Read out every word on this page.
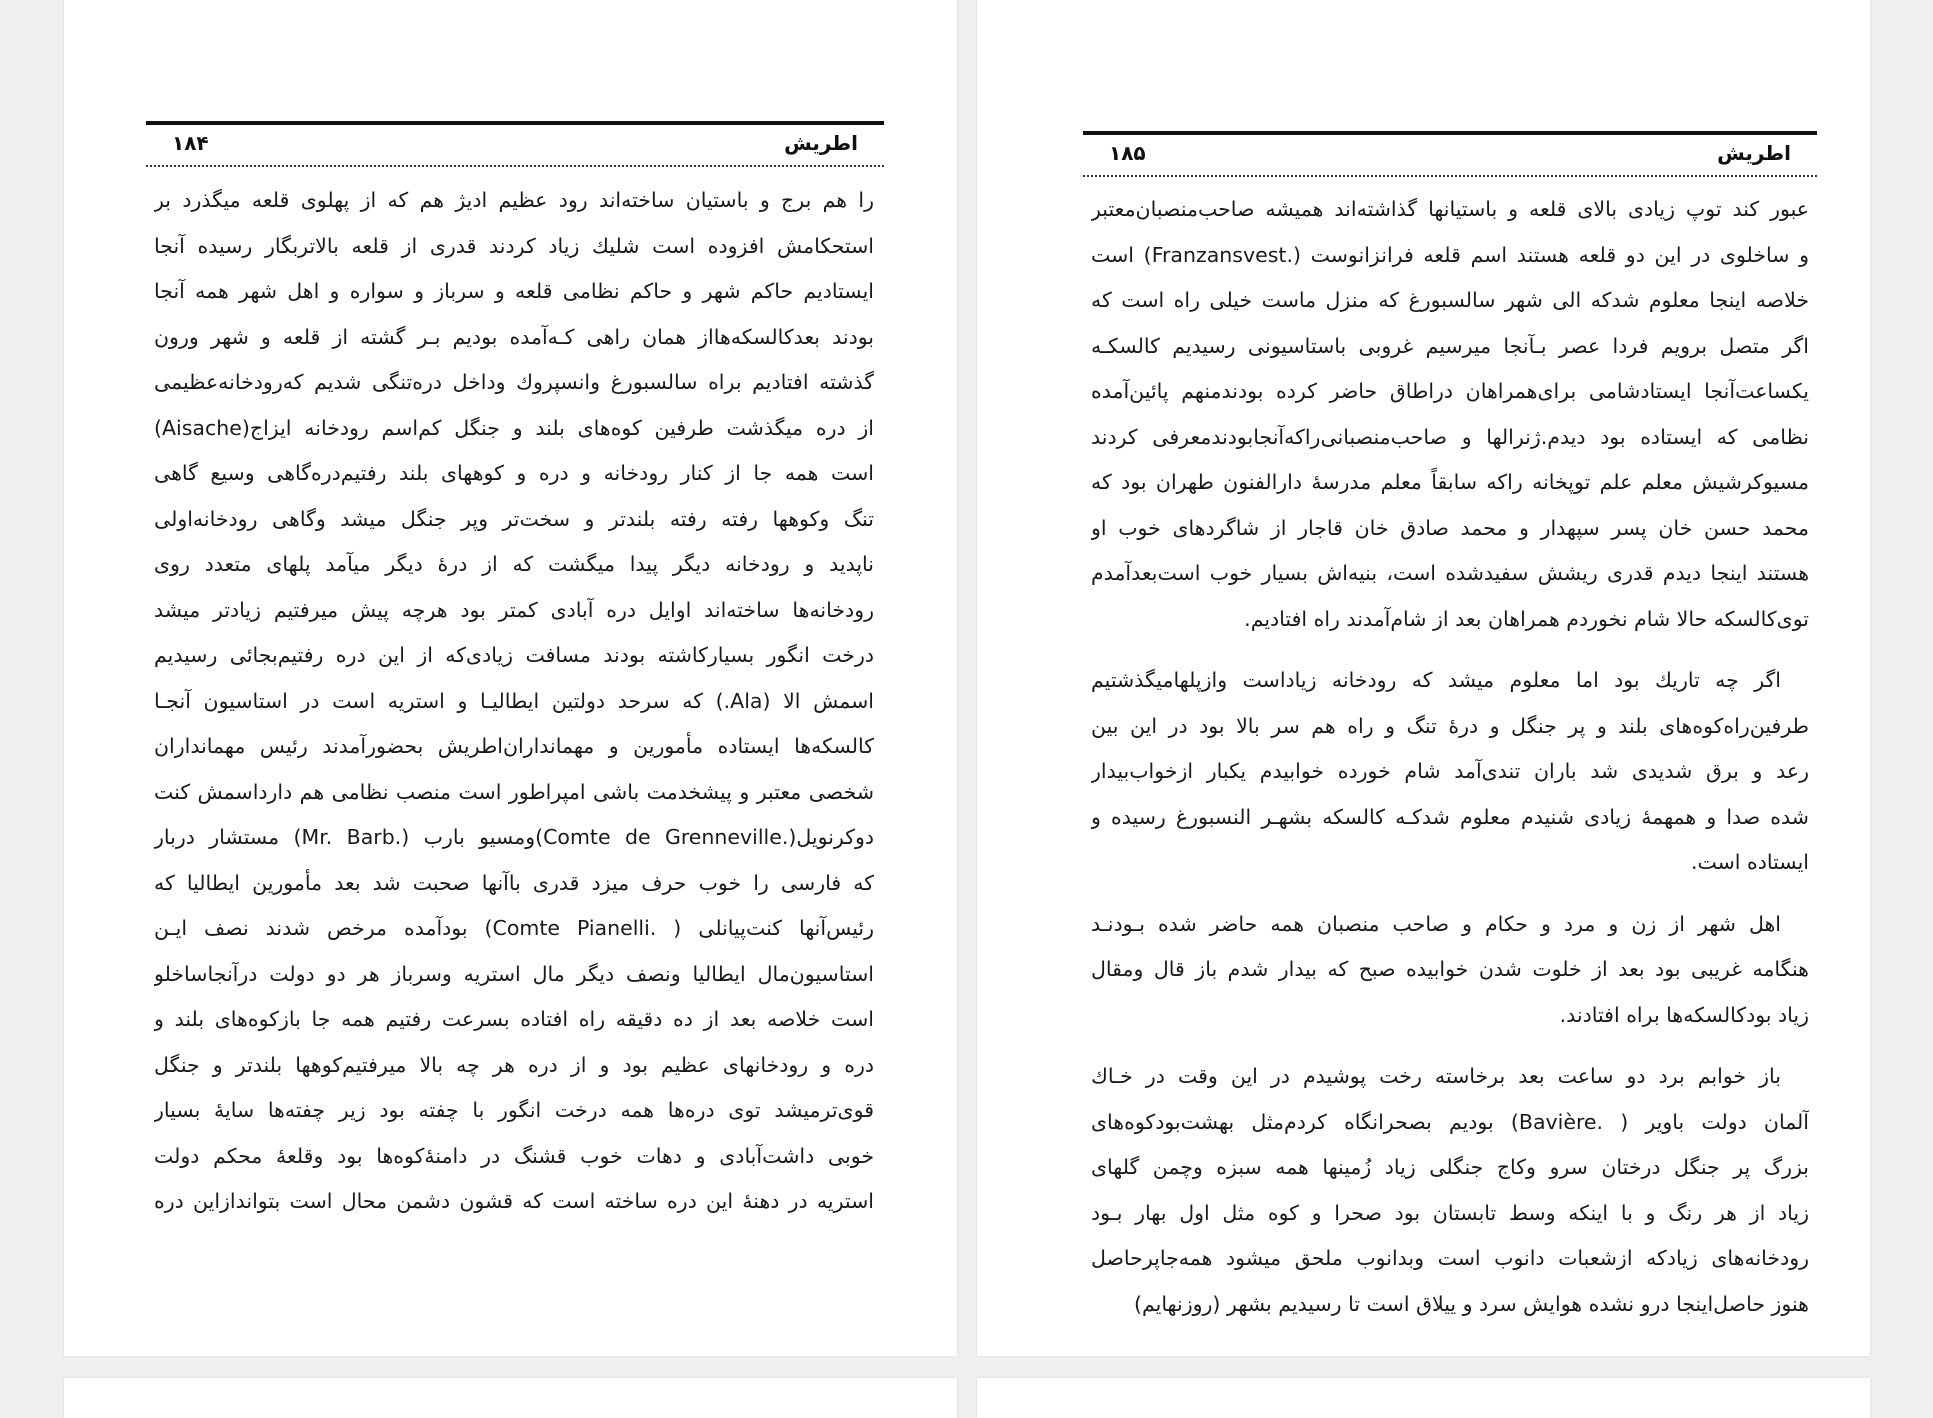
اطریش
۱۸۴
را هم برج و باستیان ساخته‌اند رود عظیم ادیژ هم که از پهلوی قلعه میگذرد بر
استحکامش افزوده است شلیك زیاد کردند قدری از قلعه بالاتربگار رسیده آنجا
ایستادیم حاکم شهر و حاکم نظامی قلعه و سرباز و سواره و اهل شهر همه آنجا
بودند بعدکالسکه‌هااز همان راهی کـه‌آمده بودیم بـر گشته از قلعه و شهر ورون
گذشته افتادیم براه سالسبورغ وانسپروك وداخل دره‌تنگی شدیم که‌رودخانه‌عظیمی
از دره میگذشت طرفین کوه‌های بلند و جنگل کم‌اسم رودخانه ایزاج(Aisache)
است همه جا از کنار رودخانه و دره و کوههای بلند رفتیم‌دره‌گاهی وسیع گاهی
تنگ وکوهها رفته رفته بلندتر و سخت‌تر وپر جنگل میشد وگاهی رودخانه‌اولی
ناپدید و رودخانه دیگر پیدا میگشت که از درهٔ دیگر میآمد پلهای متعدد روی
رودخانه‌ها ساخته‌اند اوایل دره آبادی کمتر بود هرچه پیش میرفتیم زیادتر میشد
درخت انگور بسیارکاشته بودند مسافت زیادی‌که از این دره رفتیم‌بجائی رسیدیم
اسمش الا (Ala.) که سرحد دولتین ایطالیـا و استریه است در استاسیون آنجـا
کالسکه‌ها ایستاده‌ مأمورین و مهمانداران‌اطریش بحضور‌آمدند رئیس مهمانداران
شخصی معتبر و پیشخدمت باشی امپراطور است منصب نظامی هم دارداسمش کنت
دوکرنویل(.Comte de Grenneville)ومسیو بارب (.Mr. Barb) مستشار دربار
که فارسی را خوب حرف میزد قدری با‌آنها صحبت شد بعد مأمورین ایطالیا که
رئیس‌آنها کنت‌پیانلی ( .Comte Pianelli) بودآمده مرخص شدند نصف ایـن
استاسیون‌مال ایطالیا ونصف دیگر مال استریه وسرباز هر دو دولت درآنجاساخلو
است خلاصه بعد از ده دقیقه راه افتاده بسرعت رفتیم همه جا بازکوه‌های بلند و
دره و رودخانهای عظیم بود و از دره هر چه بالا میرفتیم‌کوهها بلندتر و جنگل
قوی‌ترمیشد توی دره‌ها همه درخت انگور با چفته بود زیر چفته‌ها سایهٔ بسیار
خوبی داشت‌آبادی و دهات خوب قشنگ در دامنهٔ‌کوه‌ها بود وقلعهٔ محکم دولت
استریه در دهنهٔ این دره ساخته است که قشون دشمن محال است بتواندازاین دره
اطریش
۱۸۵
عبور کند توپ زیادی بالای قلعه و باستیانها گذاشته‌اند همیشه صاحب‌منصبان‌معتبر
و ساخلوی در این دو قلعه هستند اسم قلعه فرانزانوست (.Franzansvest) است
خلاصه اینجا معلوم شدکه الی شهر سالسبورغ که منزل ماست خیلی راه است که
اگر متصل برویم فردا عصر بـآنجا میرسیم غروبی باستاسیونی رسیدیم کالسکـه
یکساعت‌آنجا ایستادشامی برای‌همراهان دراطاق حاضر کرده بودندمنهم پائین‌آمده
نظامی که ایستاده بود دیدم.ژنرالها و صاحب‌منصبانی‌راکه‌آنجابودندمعرفی کردند
مسیوکرشیش معلم علم توپخانه راکه سابقاً معلم مدرسهٔ دارالفنون طهران بود که
محمد حسن خان پسر سپهدار و محمد صادق خان قاجار از شاگردهای خوب او
هستند اینجا دیدم قدری ریشش سفیدشده است، بنیه‌اش بسیار خوب است‌بعدآمدم
توی‌کالسکه حالا شام نخوردم همراهان بعد از شام‌آمدند راه افتادیم.
اگر چه تاریك بود اما معلوم میشد که رودخانه زیاداست وازپلهامیگذشتیم
طرفین‌راه‌کوه‌های بلند و پر جنگل و درهٔ تنگ و راه هم سر بالا بود در این بین
رعد و برق شدیدی شد باران تندی‌آمد شام خورده خوابیدم یکبار ازخواب‌بیدار
شده صدا و همهمهٔ زیادی شنیدم معلوم شدکـه کالسکه بشهـر النسبورغ رسیده و
ایستاده است.
اهل شهر از زن و مرد و حکام و صاحب منصبان همه حاضر شده بـودنـد
هنگامه غریبی بود بعد از خلوت شدن خوابیده صبح که بیدار شدم باز قال ومقال
زیاد بودکالسکه‌ها براه افتادند.
باز خوابم برد دو ساعت بعد برخاسته رخت پوشیدم در این وقت در خـاك
آلمان دولت باویر ( .Bavière) بودیم بصحرانگاه کردم‌مثل بهشت‌بود‌کوه‌های
بزرگ پر جنگل درختان سرو وکاج جنگلی زیاد زُمینها همه سبزه وچمن گلهای
زیاد از هر رنگ و با اینکه وسط تابستان بود صحرا و کوه مثل اول بهار بـود
رودخانه‌های زیادکه ازشعبات دانوب است وبدانوب ملحق میشود همه‌جاپرحاصل
هنوز حاصل‌اینجا درو نشده هوایش سرد و ییلاق است تا رسیدیم بشهر (روزنهایم)
